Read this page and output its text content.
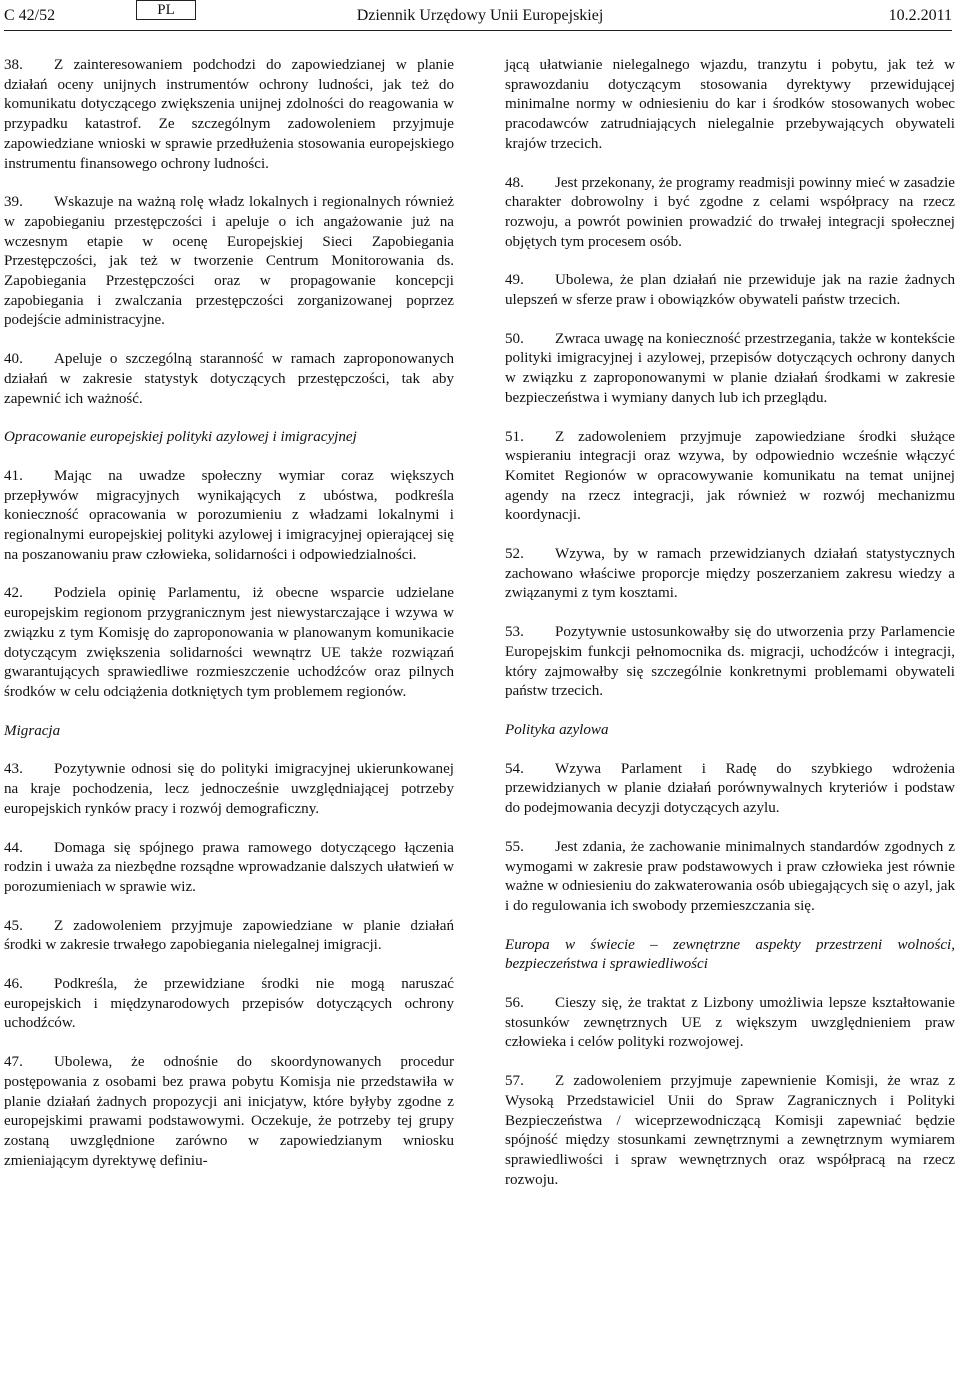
C 42/52	PL	Dziennik Urzędowy Unii Europejskiej	10.2.2011

38. Z zainteresowaniem podchodzi do zapowiedzianej w planie działań oceny unijnych instrumentów ochrony ludności, jak też do komunikatu dotyczącego zwiększenia unijnej zdolności do reagowania w przypadku katastrof. Ze szczególnym zadowoleniem przyjmuje zapowiedziane wnioski w sprawie przedłużenia stosowania europejskiego instrumentu finansowego ochrony ludności.

39. Wskazuje na ważną rolę władz lokalnych i regionalnych również w zapobieganiu przestępczości i apeluje o ich angażowanie już na wczesnym etapie w ocenę Europejskiej Sieci Zapobiegania Przestępczości, jak też w tworzenie Centrum Monitorowania ds. Zapobiegania Przestępczości oraz w propagowanie koncepcji zapobiegania i zwalczania przestępczości zorganizowanej poprzez podejście administracyjne.

40. Apeluje o szczególną staranność w ramach zaproponowanych działań w zakresie statystyk dotyczących przestępczości, tak aby zapewnić ich ważność.

Opracowanie europejskiej polityki azylowej i imigracyjnej

41. Mając na uwadze społeczny wymiar coraz większych przepływów migracyjnych wynikających z ubóstwa, podkreśla konieczność opracowania w porozumieniu z władzami lokalnymi i regionalnymi europejskiej polityki azylowej i imigracyjnej opierającej się na poszanowaniu praw człowieka, solidarności i odpowiedzialności.

42. Podziela opinię Parlamentu, iż obecne wsparcie udzielane europejskim regionom przygranicznym jest niewystarczające i wzywa w związku z tym Komisję do zaproponowania w planowanym komunikacie dotyczącym zwiększenia solidarności wewnątrz UE także rozwiązań gwarantujących sprawiedliwe rozmieszczenie uchodźców oraz pilnych środków w celu odciążenia dotkniętych tym problemem regionów.

Migracja

43. Pozytywnie odnosi się do polityki imigracyjnej ukierunkowanej na kraje pochodzenia, lecz jednocześnie uwzględniającej potrzeby europejskich rynków pracy i rozwój demograficzny.

44. Domaga się spójnego prawa ramowego dotyczącego łączenia rodzin i uważa za niezbędne rozsądne wprowadzanie dalszych ułatwień w porozumieniach w sprawie wiz.

45. Z zadowoleniem przyjmuje zapowiedziane w planie działań środki w zakresie trwałego zapobiegania nielegalnej imigracji.

46. Podkreśla, że przewidziane środki nie mogą naruszać europejskich i międzynarodowych przepisów dotyczących ochrony uchodźców.

47. Ubolewa, że odnośnie do skoordynowanych procedur postępowania z osobami bez prawa pobytu Komisja nie przedstawiła w planie działań żadnych propozycji ani inicjatyw, które byłyby zgodne z europejskimi prawami podstawowymi. Oczekuje, że potrzeby tej grupy zostaną uwzględnione zarówno w zapowiedzianym wniosku zmieniającym dyrektywę definiu-

jącą ułatwianie nielegalnego wjazdu, tranzytu i pobytu, jak też w sprawozdaniu dotyczącym stosowania dyrektywy przewidującej minimalne normy w odniesieniu do kar i środków stosowanych wobec pracodawców zatrudniających nielegalnie przebywających obywateli krajów trzecich.

48. Jest przekonany, że programy readmisji powinny mieć w zasadzie charakter dobrowolny i być zgodne z celami współpracy na rzecz rozwoju, a powrót powinien prowadzić do trwałej integracji społecznej objętych tym procesem osób.

49. Ubolewa, że plan działań nie przewiduje jak na razie żadnych ulepszeń w sferze praw i obowiązków obywateli państw trzecich.

50. Zwraca uwagę na konieczność przestrzegania, także w kontekście polityki imigracyjnej i azylowej, przepisów dotyczących ochrony danych w związku z zaproponowanymi w planie działań środkami w zakresie bezpieczeństwa i wymiany danych lub ich przeglądu.

51. Z zadowoleniem przyjmuje zapowiedziane środki służące wspieraniu integracji oraz wzywa, by odpowiednio wcześnie włączyć Komitet Regionów w opracowywanie komunikatu na temat unijnej agendy na rzecz integracji, jak również w rozwój mechanizmu koordynacji.

52. Wzywa, by w ramach przewidzianych działań statystycznych zachowano właściwe proporcje między poszerzaniem zakresu wiedzy a związanymi z tym kosztami.

53. Pozytywnie ustosunkowałby się do utworzenia przy Parlamencie Europejskim funkcji pełnomocnika ds. migracji, uchodźców i integracji, który zajmowałby się szczególnie konkretnymi problemami obywateli państw trzecich.

Polityka azylowa

54. Wzywa Parlament i Radę do szybkiego wdrożenia przewidzianych w planie działań porównywalnych kryteriów i podstaw do podejmowania decyzji dotyczących azylu.

55. Jest zdania, że zachowanie minimalnych standardów zgodnych z wymogami w zakresie praw podstawowych i praw człowieka jest równie ważne w odniesieniu do zakwaterowania osób ubiegających się o azyl, jak i do regulowania ich swobody przemieszczania się.

Europa w świecie – zewnętrzne aspekty przestrzeni wolności, bezpieczeństwa i sprawiedliwości

56. Cieszy się, że traktat z Lizbony umożliwia lepsze kształtowanie stosunków zewnętrznych UE z większym uwzględnieniem praw człowieka i celów polityki rozwojowej.

57. Z zadowoleniem przyjmuje zapewnienie Komisji, że wraz z Wysoką Przedstawiciel Unii do Spraw Zagranicznych i Polityki Bezpieczeństwa / wiceprzewodniczącą Komisji zapewniać będzie spójność między stosunkami zewnętrznymi a zewnętrznym wymiarem sprawiedliwości i spraw wewnętrznych oraz współpracą na rzecz rozwoju.
